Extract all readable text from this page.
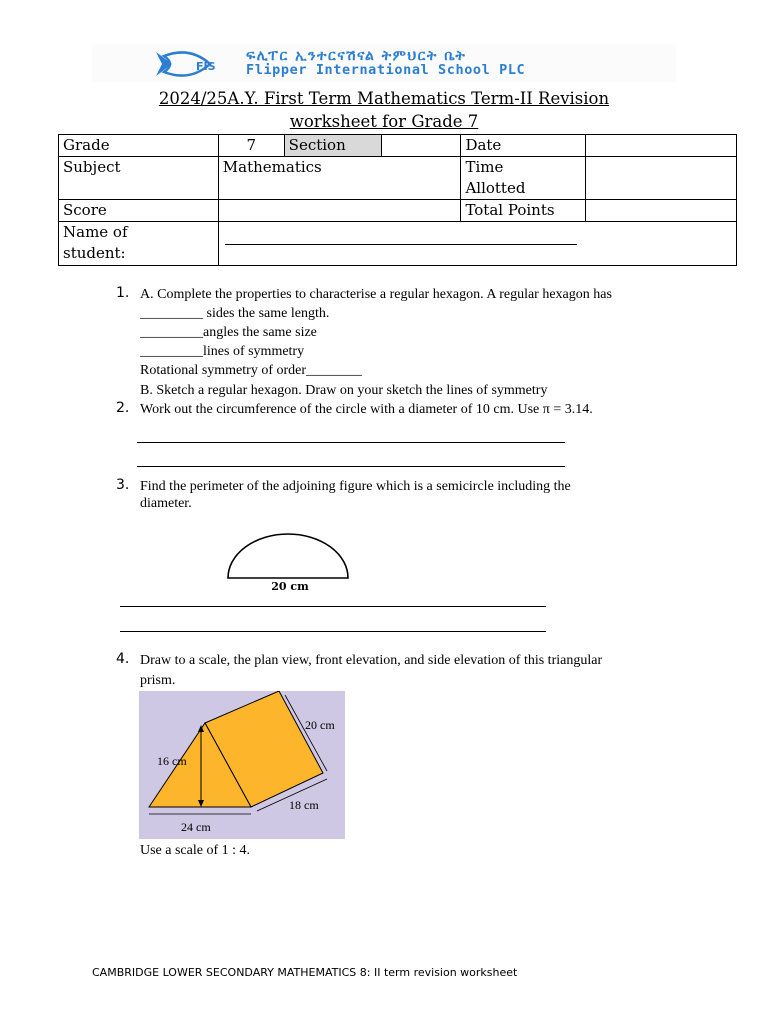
FIS
ፍሊፐር ኢንተርናሽናል ትምህርት ቤት
Flipper International School PLC
2024/25A.Y. First Term Mathematics Term-II Revision
worksheet for Grade 7
Grade	7	Section		Date	
Subject	Mathematics			Time
Allotted	
Score				Total Points	
Name of
student:					
1. A. Complete the properties to characterise a regular hexagon. A regular hexagon has
_________ sides the same length.
_________angles the same size
_________lines of symmetry
Rotational symmetry of order________
B. Sketch a regular hexagon. Draw on your sketch the lines of symmetry
2. Work out the circumference of the circle with a diameter of 10 cm. Use π = 3.14.
3. Find the perimeter of the adjoining figure which is a semicircle including the
diameter.
20 cm
4. Draw to a scale, the plan view, front elevation, and side elevation of this triangular
prism.
16 cm
20 cm
18 cm
24 cm
Use a scale of 1 : 4.
CAMBRIDGE LOWER SECONDARY MATHEMATICS 8: II term revision worksheet
